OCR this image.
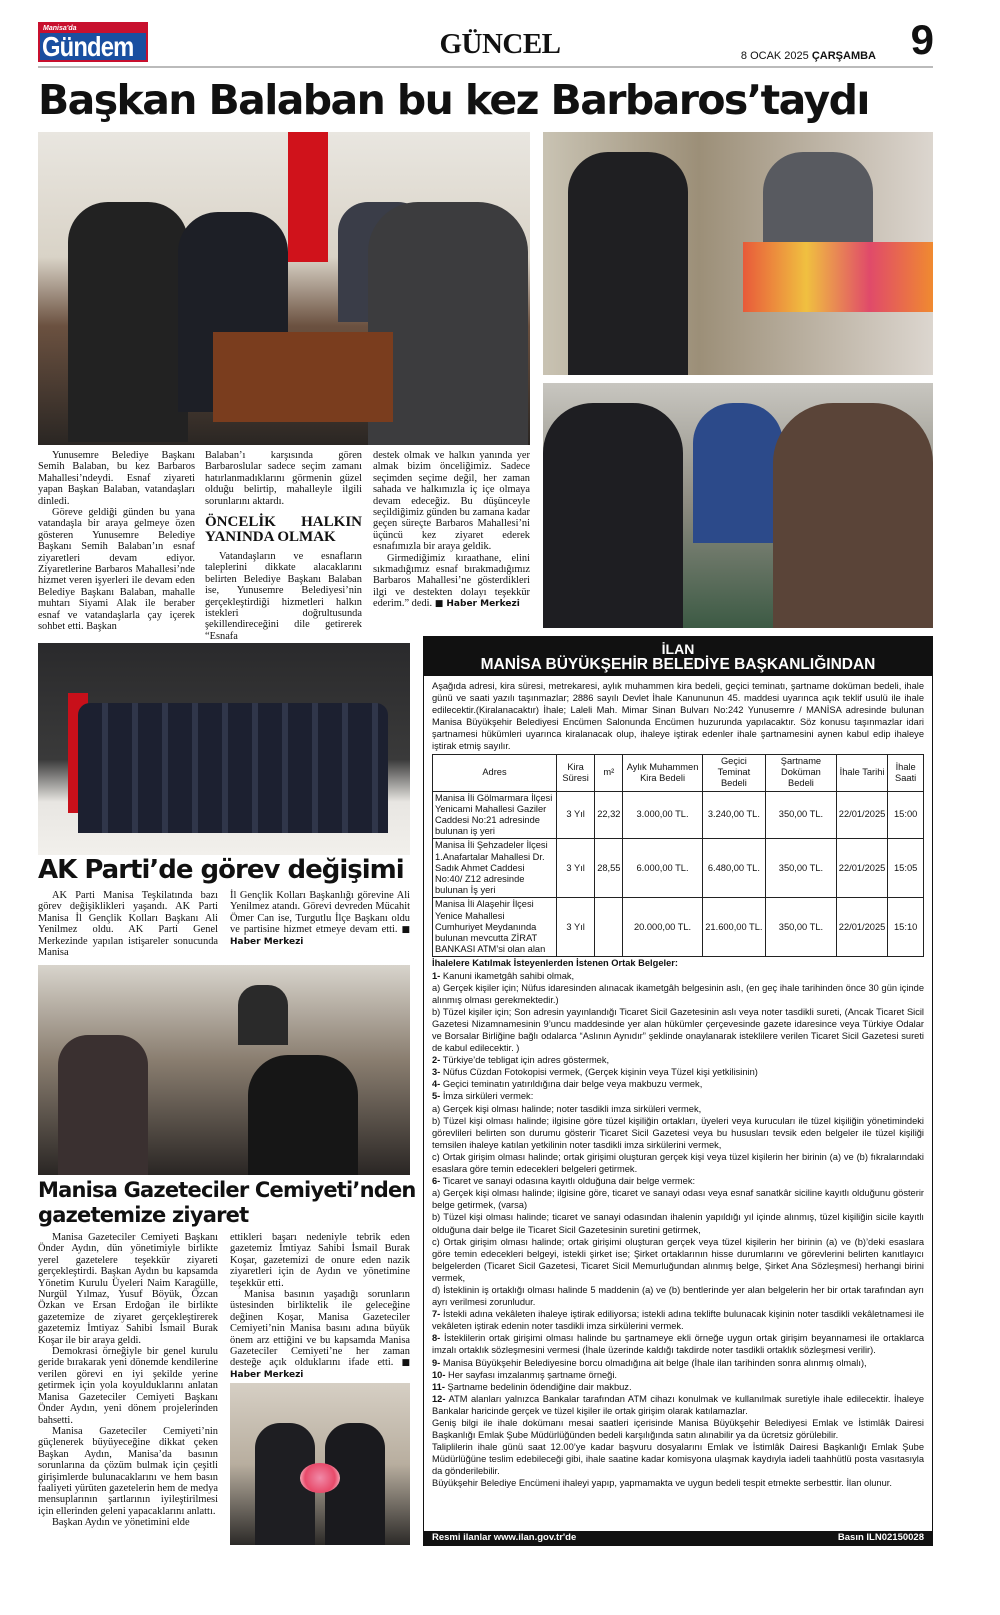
Manisa'da
Gündem	GÜNCEL	8 OCAK 2025 ÇARŞAMBA 9
Başkan Balaban bu kez Barbaros’taydı

Yunusemre Belediye Başkanı Semih Balaban, bu kez Barbaros Mahallesi’ndeydi. Esnaf ziyareti yapan Başkan Balaban, vatandaşları dinledi.

Göreve geldiği günden bu yana vatandaşla bir araya gelmeye özen gösteren Yunusemre Belediye Başkanı Semih Balaban’ın esnaf ziyaretleri devam ediyor. Ziyaretlerine Barbaros Mahallesi’nde hizmet veren işyerleri ile devam eden Belediye Başkanı Balaban, mahalle muhtarı Siyami Alak ile beraber esnaf ve vatandaşlarla çay içerek sohbet etti. Başkan

Balaban’ı karşısında gören Barbaroslular sadece seçim zamanı hatırlanmadıklarını görmenin güzel olduğu belirtip, mahalleyle ilgili sorunlarını aktardı.

ÖNCELİK HALKIN YANINDA OLMAK

Vatandaşların ve esnafların taleplerini dikkate alacaklarını belirten Belediye Başkanı Balaban ise, Yunusemre Belediyesi’nin gerçekleştirdiği hizmetleri halkın istekleri doğrultusunda şekillendireceğini dile getirerek “Esnafa

destek olmak ve halkın yanında yer almak bizim önceliğimiz. Sadece seçimden seçime değil, her zaman sahada ve halkımızla iç içe olmaya devam edeceğiz. Bu düşünceyle seçildiğimiz günden bu zamana kadar geçen süreçte Barbaros Mahallesi’ni üçüncü kez ziyaret ederek esnafımızla bir araya geldik.

Girmediğimiz kıraathane, elini sıkmadığımız esnaf bırakmadığımız Barbaros Mahallesi’ne gösterdikleri ilgi ve destekten dolayı teşekkür ederim.” dedi. ■ Haber Merkezi

AK Parti’de görev değişimi

AK Parti Manisa Teşkilatında bazı görev değişiklikleri yaşandı. AK Parti Manisa İl Gençlik Kolları Başkanı Ali Yenilmez oldu. AK Parti Genel Merkezinde yapılan istişareler sonucunda Manisa

İl Gençlik Kolları Başkanlığı görevine Ali Yenilmez atandı. Görevi devreden Mücahit Ömer Can ise, Turgutlu İlçe Başkanı oldu ve partisine hizmet etmeye devam etti. ■ Haber Merkezi

Manisa Gazeteciler Cemiyeti’nden
gazetemize ziyaret

Manisa Gazeteciler Cemiyeti Başkanı Önder Aydın, dün yönetimiyle birlikte yerel gazetelere teşekkür ziyareti gerçekleştirdi. Başkan Aydın bu kapsamda Yönetim Kurulu Üyeleri Naim Karagülle, Nurgül Yılmaz, Yusuf Böyük, Özcan Özkan ve Ersan Erdoğan ile birlikte gazetemize de ziyaret gerçekleştirerek gazetemiz İmtiyaz Sahibi İsmail Burak Koşar ile bir araya geldi.

Demokrasi örneğiyle bir genel kurulu geride bırakarak yeni dönemde kendilerine verilen görevi en iyi şekilde yerine getirmek için yola koyulduklarını anlatan Manisa Gazeteciler Cemiyeti Başkanı Önder Aydın, yeni dönem projelerinden bahsetti.

Manisa Gazeteciler Cemiyeti’nin güçlenerek büyüyeceğine dikkat çeken Başkan Aydın, Manisa’da basının sorunlarına da çözüm bulmak için çeşitli girişimlerde bulunacaklarını ve hem basın faaliyeti yürüten gazetelerin hem de medya mensuplarının şartlarının iyileştirilmesi için ellerinden geleni yapacaklarını anlattı.

Başkan Aydın ve yönetimini elde

ettikleri başarı nedeniyle tebrik eden gazetemiz İmtiyaz Sahibi İsmail Burak Koşar, gazetemizi de onure eden nazik ziyaretleri için de Aydın ve yönetimine teşekkür etti.

Manisa basının yaşadığı sorunların üstesinden birliktelik ile geleceğine değinen Koşar, Manisa Gazeteciler Cemiyeti’nin Manisa basını adına büyük önem arz ettiğini ve bu kapsamda Manisa Gazeteciler Cemiyeti’ne her zaman desteğe açık olduklarını ifade etti. ■ Haber Merkezi

İLAN
MANİSA BÜYÜKŞEHİR BELEDİYE BAŞKANLIĞINDAN
Aşağıda adresi, kira süresi, metrekaresi, aylık muhammen kira bedeli, geçici teminatı, şartname doküman bedeli, ihale günü ve saati yazılı taşınmazlar; 2886 sayılı Devlet İhale Kanununun 45. maddesi uyarınca açık teklif usulü ile ihale edilecektir.(Kiralanacaktır) İhale; Laleli Mah. Mimar Sinan Bulvarı No:242 Yunusemre / MANİSA adresinde bulunan Manisa Büyükşehir Belediyesi Encümen Salonunda Encümen huzurunda yapılacaktır. Söz konusu taşınmazlar idari şartnamesi hükümleri uyarınca kiralanacak olup, ihaleye iştirak edenler ihale şartnamesini aynen kabul edip ihaleye iştirak etmiş sayılır.
Adres	Kira Süresi	m²	Aylık Muhammen Kira Bedeli	Geçici Teminat Bedeli	Şartname Doküman Bedeli	İhale Tarihi	İhale Saati
Manisa İli Gölmarmara İlçesi Yenicami Mahallesi Gaziler Caddesi No:21 adresinde bulunan iş yeri	3 Yıl	22,32	3.000,00 TL.	3.240,00 TL.	350,00 TL.	22/01/2025	15:00
Manisa İli Şehzadeler İlçesi 1.Anafartalar Mahallesi Dr. Sadık Ahmet Caddesi No:40/ Z12 adresinde bulunan İş yeri	3 Yıl	28,55	6.000,00 TL.	6.480,00 TL.	350,00 TL.	22/01/2025	15:05
Manisa İli Alaşehir İlçesi Yenice Mahallesi Cumhuriyet Meydanında bulunan mevcutta ZİRAT BANKASI ATM’si olan alan	3 Yıl		20.000,00 TL.	21.600,00 TL.	350,00 TL.	22/01/2025	15:10
İhalelere Katılmak İsteyenlerden İstenen Ortak Belgeler:
1- Kanuni ikametgâh sahibi olmak,
a) Gerçek kişiler için; Nüfus idaresinden alınacak ikametgâh belgesinin aslı, (en geç ihale tarihinden önce 30 gün içinde alınmış olması gerekmektedir.)
b) Tüzel kişiler için; Son adresin yayınlandığı Ticaret Sicil Gazetesinin aslı veya noter tasdikli sureti, (Ancak Ticaret Sicil Gazetesi Nizamnamesinin 9’uncu maddesinde yer alan hükümler çerçevesinde gazete idaresince veya Türkiye Odalar ve Borsalar Birliğine bağlı odalarca “Aslının Aynıdır” şeklinde onaylanarak isteklilere verilen Ticaret Sicil Gazetesi sureti de kabul edilecektir. )
2- Türkiye’de tebligat için adres göstermek,
3- Nüfus Cüzdan Fotokopisi vermek, (Gerçek kişinin veya Tüzel kişi yetkilisinin)
4- Geçici teminatın yatırıldığına dair belge veya makbuzu vermek,
5- İmza sirküleri vermek:
a) Gerçek kişi olması halinde; noter tasdikli imza sirküleri vermek,
b) Tüzel kişi olması halinde; ilgisine göre tüzel kişiliğin ortakları, üyeleri veya kurucuları ile tüzel kişiliğin yönetimindeki görevlileri belirten son durumu gösterir Ticaret Sicil Gazetesi veya bu hususları tevsik eden belgeler ile tüzel kişiliği temsilen ihaleye katılan yetkilinin noter tasdikli imza sirkülerini vermek,
c) Ortak girişim olması halinde; ortak girişimi oluşturan gerçek kişi veya tüzel kişilerin her birinin (a) ve (b) fıkralarındaki esaslara göre temin edecekleri belgeleri getirmek.
6- Ticaret ve sanayi odasına kayıtlı olduğuna dair belge vermek:
a) Gerçek kişi olması halinde; ilgisine göre, ticaret ve sanayi odası veya esnaf sanatkâr siciline kayıtlı olduğunu gösterir belge getirmek, (varsa)
b) Tüzel kişi olması halinde; ticaret ve sanayi odasından ihalenin yapıldığı yıl içinde alınmış, tüzel kişiliğin sicile kayıtlı olduğuna dair belge ile Ticaret Sicil Gazetesinin suretini getirmek,
c) Ortak girişim olması halinde; ortak girişimi oluşturan gerçek veya tüzel kişilerin her birinin (a) ve (b)’deki esaslara göre temin edecekleri belgeyi, istekli şirket ise; Şirket ortaklarının hisse durumlarını ve görevlerini belirten kanıtlayıcı belgelerden (Ticaret Sicil Gazetesi, Ticaret Sicil Memurluğundan alınmış belge, Şirket Ana Sözleşmesi) herhangi birini vermek,
d) İsteklinin iş ortaklığı olması halinde 5 maddenin (a) ve (b) bentlerinde yer alan belgelerin her bir ortak tarafından ayrı ayrı verilmesi zorunludur.
7- İstekli adına vekâleten ihaleye iştirak ediliyorsa; istekli adına teklifte bulunacak kişinin noter tasdikli vekâletnamesi ile vekâleten iştirak edenin noter tasdikli imza sirkülerini vermek.
8- İsteklilerin ortak girişimi olması halinde bu şartnameye ekli örneğe uygun ortak girişim beyannamesi ile ortaklarca imzalı ortaklık sözleşmesini vermesi (İhale üzerinde kaldığı takdirde noter tasdikli ortaklık sözleşmesi verilir).
9- Manisa Büyükşehir Belediyesine borcu olmadığına ait belge (İhale ilan tarihinden sonra alınmış olmalı),
10- Her sayfası imzalanmış şartname örneği.
11- Şartname bedelinin ödendiğine dair makbuz.
12- ATM alanları yalnızca Bankalar tarafından ATM cihazı konulmak ve kullanılmak suretiyle ihale edilecektir. İhaleye Bankalar haricinde gerçek ve tüzel kişiler ile ortak girişim olarak katılamazlar.
Geniş bilgi ile ihale dokümanı mesai saatleri içerisinde Manisa Büyükşehir Belediyesi Emlak ve İstimlâk Dairesi Başkanlığı Emlak Şube Müdürlüğünden bedeli karşılığında satın alınabilir ya da ücretsiz görülebilir.
Taliplilerin ihale günü saat 12.00’ye kadar başvuru dosyalarını Emlak ve İstimlâk Dairesi Başkanlığı Emlak Şube Müdürlüğüne teslim edebileceği gibi, ihale saatine kadar komisyona ulaşmak kaydıyla iadeli taahhütlü posta vasıtasıyla da gönderilebilir.
Büyükşehir Belediye Encümeni ihaleyi yapıp, yapmamakta ve uygun bedeli tespit etmekte serbesttir. İlan olunur.
Resmi ilanlar www.ilan.gov.tr'de	Basın ILN02150028
